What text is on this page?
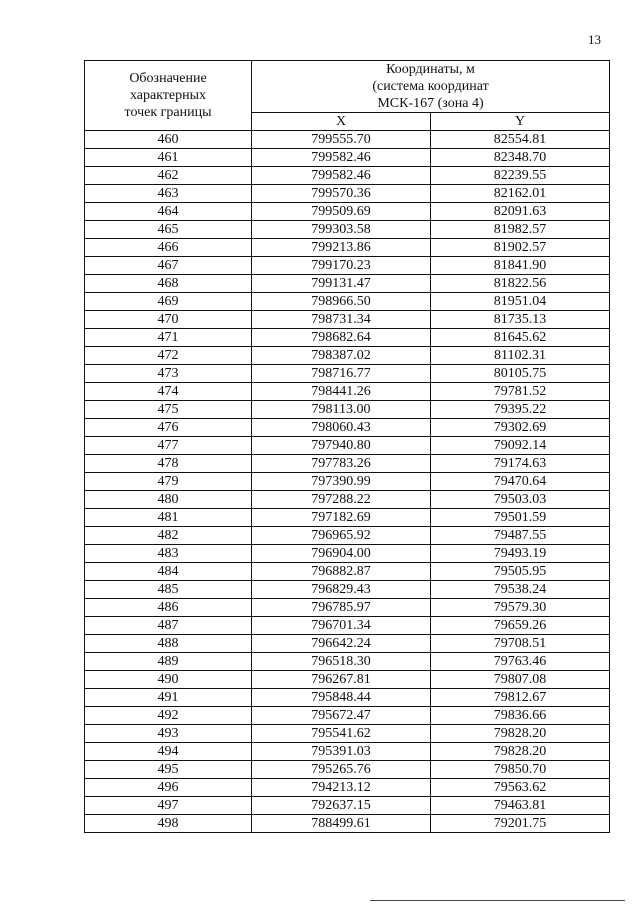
13
Обозначение
характерных
точек границы	Координаты, м
(система координат
МСК-167 (зона 4)	

	X	Y
460	799555.70	82554.81
461	799582.46	82348.70
462	799582.46	82239.55
463	799570.36	82162.01
464	799509.69	82091.63
465	799303.58	81982.57
466	799213.86	81902.57
467	799170.23	81841.90
468	799131.47	81822.56
469	798966.50	81951.04
470	798731.34	81735.13
471	798682.64	81645.62
472	798387.02	81102.31
473	798716.77	80105.75
474	798441.26	79781.52
475	798113.00	79395.22
476	798060.43	79302.69
477	797940.80	79092.14
478	797783.26	79174.63
479	797390.99	79470.64
480	797288.22	79503.03
481	797182.69	79501.59
482	796965.92	79487.55
483	796904.00	79493.19
484	796882.87	79505.95
485	796829.43	79538.24
486	796785.97	79579.30
487	796701.34	79659.26
488	796642.24	79708.51
489	796518.30	79763.46
490	796267.81	79807.08
491	795848.44	79812.67
492	795672.47	79836.66
493	795541.62	79828.20
494	795391.03	79828.20
495	795265.76	79850.70
496	794213.12	79563.62
497	792637.15	79463.81
498	788499.61	79201.75
